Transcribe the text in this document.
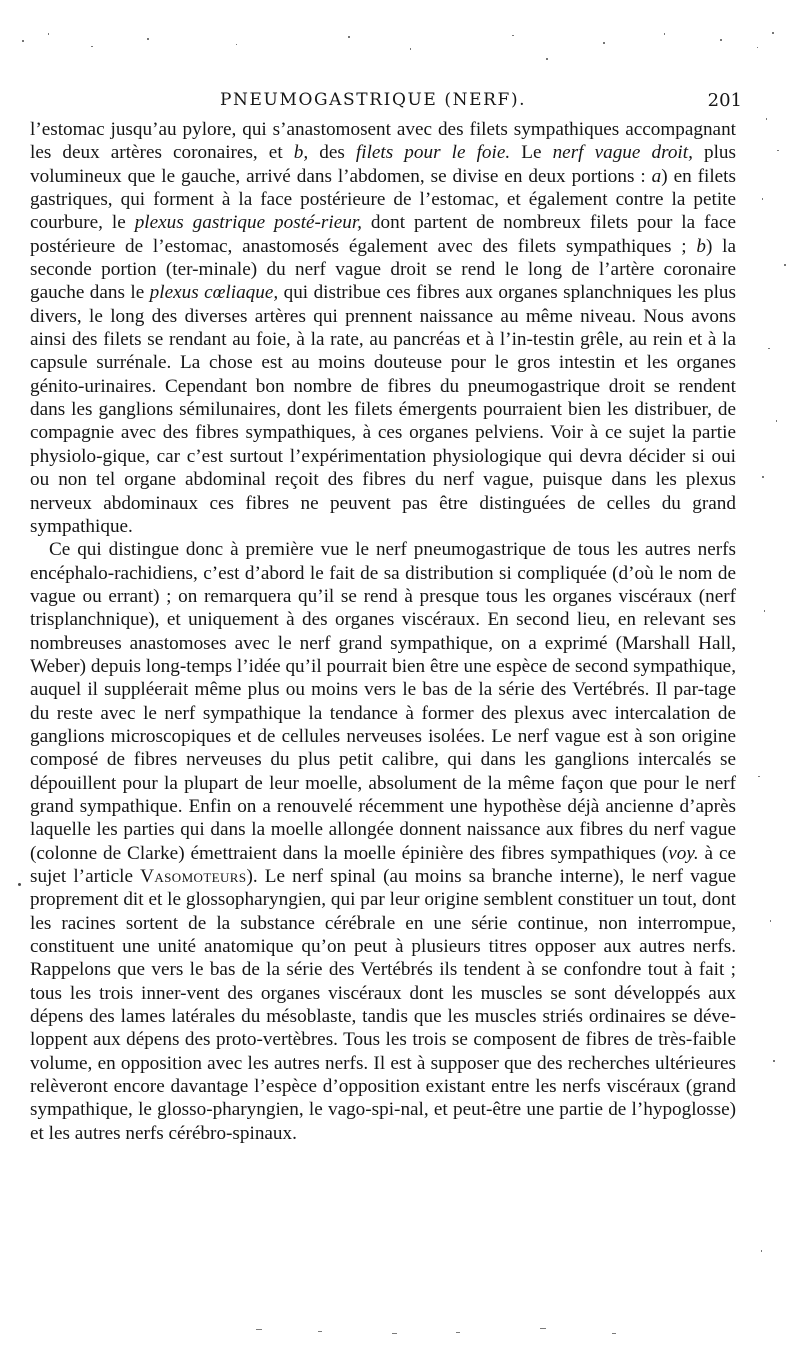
PNEUMOGASTRIQUE (NERF).	201

l’estomac jusqu’au pylore, qui s’anastomosent avec des filets sympathiques accompagnant les deux artères coronaires, et b, des filets pour le foie. Le nerf vague droit, plus volumineux que le gauche, arrivé dans l’abdomen, se divise en deux portions : a) en filets gastriques, qui forment à la face postérieure de l’estomac, et également contre la petite courbure, le plexus gastrique posté-rieur, dont partent de nombreux filets pour la face postérieure de l’estomac, anastomosés également avec des filets sympathiques ; b) la seconde portion (ter-minale) du nerf vague droit se rend le long de l’artère coronaire gauche dans le plexus cœliaque, qui distribue ces fibres aux organes splanchniques les plus divers, le long des diverses artères qui prennent naissance au même niveau. Nous avons ainsi des filets se rendant au foie, à la rate, au pancréas et à l’in-testin grêle, au rein et à la capsule surrénale. La chose est au moins douteuse pour le gros intestin et les organes génito-urinaires. Cependant bon nombre de fibres du pneumogastrique droit se rendent dans les ganglions sémilunaires, dont les filets émergents pourraient bien les distribuer, de compagnie avec des fibres sympathiques, à ces organes pelviens. Voir à ce sujet la partie physiolo-gique, car c’est surtout l’expérimentation physiologique qui devra décider si oui ou non tel organe abdominal reçoit des fibres du nerf vague, puisque dans les plexus nerveux abdominaux ces fibres ne peuvent pas être distinguées de celles du grand sympathique.

Ce qui distingue donc à première vue le nerf pneumogastrique de tous les autres nerfs encéphalo-rachidiens, c’est d’abord le fait de sa distribution si compliquée (d’où le nom de vague ou errant) ; on remarquera qu’il se rend à presque tous les organes viscéraux (nerf trisplanchnique), et uniquement à des organes viscéraux. En second lieu, en relevant ses nombreuses anastomoses avec le nerf grand sympathique, on a exprimé (Marshall Hall, Weber) depuis long-temps l’idée qu’il pourrait bien être une espèce de second sympathique, auquel il suppléerait même plus ou moins vers le bas de la série des Vertébrés. Il par-tage du reste avec le nerf sympathique la tendance à former des plexus avec intercalation de ganglions microscopiques et de cellules nerveuses isolées. Le nerf vague est à son origine composé de fibres nerveuses du plus petit calibre, qui dans les ganglions intercalés se dépouillent pour la plupart de leur moelle, absolument de la même façon que pour le nerf grand sympathique. Enfin on a renouvelé récemment une hypothèse déjà ancienne d’après laquelle les parties qui dans la moelle allongée donnent naissance aux fibres du nerf vague (colonne de Clarke) émettraient dans la moelle épinière des fibres sympathiques (voy. à ce sujet l’article Vasomoteurs). Le nerf spinal (au moins sa branche interne), le nerf vague proprement dit et le glossopharyngien, qui par leur origine semblent constituer un tout, dont les racines sortent de la substance cérébrale en une série continue, non interrompue, constituent une unité anatomique qu’on peut à plusieurs titres opposer aux autres nerfs. Rappelons que vers le bas de la série des Vertébrés ils tendent à se confondre tout à fait ; tous les trois inner-vent des organes viscéraux dont les muscles se sont développés aux dépens des lames latérales du mésoblaste, tandis que les muscles striés ordinaires se déve-loppent aux dépens des proto-vertèbres. Tous les trois se composent de fibres de très-faible volume, en opposition avec les autres nerfs. Il est à supposer que des recherches ultérieures relèveront encore davantage l’espèce d’opposition existant entre les nerfs viscéraux (grand sympathique, le glosso-pharyngien, le vago-spi-nal, et peut-être une partie de l’hypoglosse) et les autres nerfs cérébro-spinaux.
